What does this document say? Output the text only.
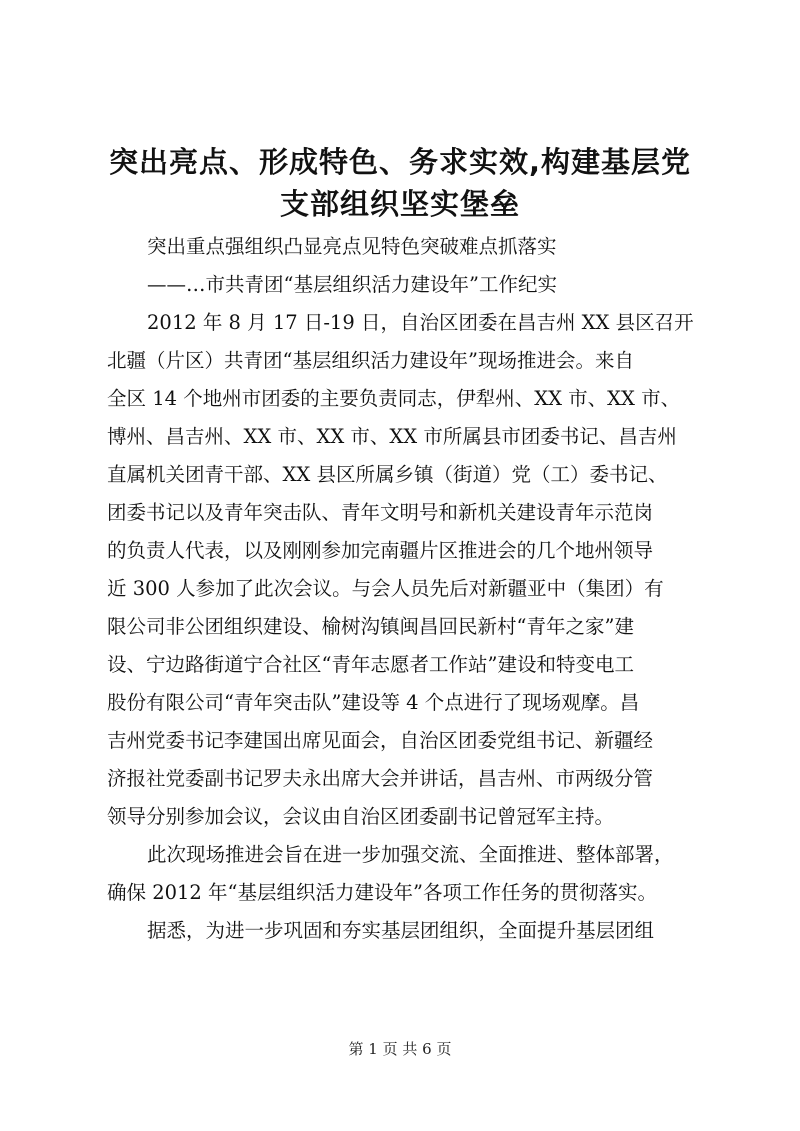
突出亮点、形成特色、务求实效,构建基层党
支部组织坚实堡垒
突出重点强组织凸显亮点见特色突破难点抓落实
——…市共青团“基层组织活力建设年”工作纪实
2012 年 8 月 17 日-19 日，自治区团委在昌吉州 XX 县区召开
北疆（片区）共青团“基层组织活力建设年”现场推进会。来自
全区 14 个地州市团委的主要负责同志，伊犁州、XX 市、XX 市、
博州、昌吉州、XX 市、XX 市、XX 市所属县市团委书记、昌吉州
直属机关团青干部、XX 县区所属乡镇（街道）党（工）委书记、
团委书记以及青年突击队、青年文明号和新机关建设青年示范岗
的负责人代表，以及刚刚参加完南疆片区推进会的几个地州领导
近 300 人参加了此次会议。与会人员先后对新疆亚中（集团）有
限公司非公团组织建设、榆树沟镇闽昌回民新村“青年之家”建
设、宁边路街道宁合社区“青年志愿者工作站”建设和特变电工
股份有限公司“青年突击队”建设等 4 个点进行了现场观摩。昌
吉州党委书记李建国出席见面会，自治区团委党组书记、新疆经
济报社党委副书记罗夫永出席大会并讲话，昌吉州、市两级分管
领导分别参加会议，会议由自治区团委副书记曾冠军主持。
此次现场推进会旨在进一步加强交流、全面推进、整体部署，
确保 2012 年“基层组织活力建设年”各项工作任务的贯彻落实。
据悉，为进一步巩固和夯实基层团组织，全面提升基层团组
第 1 页 共 6 页
